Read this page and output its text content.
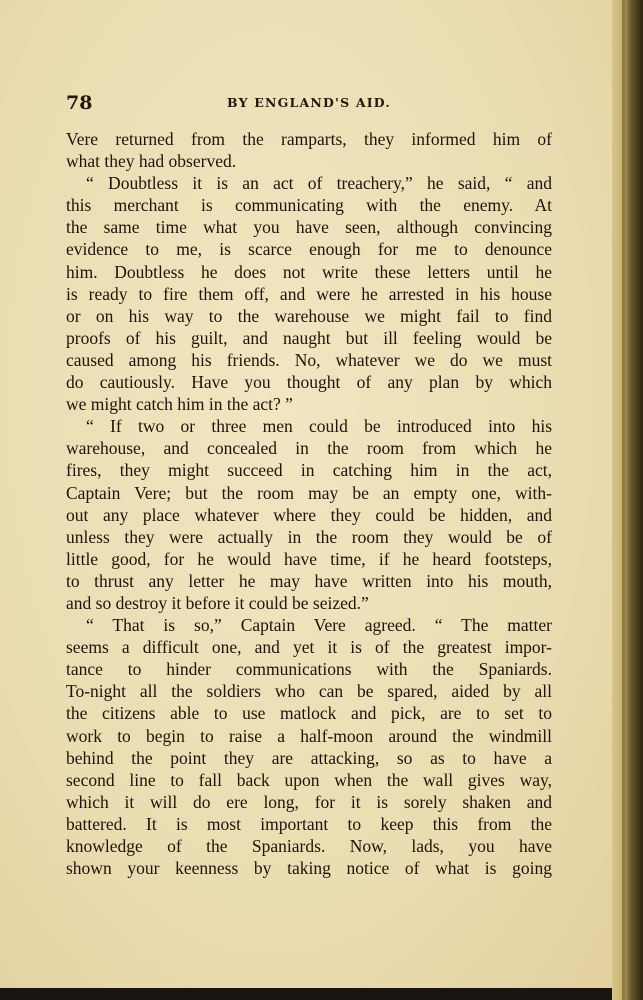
78	BY ENGLAND'S AID.
Vere returned from the ramparts, they informed him of
what they had observed.
“ Doubtless it is an act of treachery,” he said, “ and
this merchant is communicating with the enemy. At
the same time what you have seen, although convincing
evidence to me, is scarce enough for me to denounce
him. Doubtless he does not write these letters until he
is ready to fire them off, and were he arrested in his house
or on his way to the warehouse we might fail to find
proofs of his guilt, and naught but ill feeling would be
caused among his friends. No, whatever we do we must
do cautiously. Have you thought of any plan by which
we might catch him in the act? ”
“ If two or three men could be introduced into his
warehouse, and concealed in the room from which he
fires, they might succeed in catching him in the act,
Captain Vere; but the room may be an empty one, with-
out any place whatever where they could be hidden, and
unless they were actually in the room they would be of
little good, for he would have time, if he heard footsteps,
to thrust any letter he may have written into his mouth,
and so destroy it before it could be seized.”
“ That is so,” Captain Vere agreed. “ The matter
seems a difficult one, and yet it is of the greatest impor-
tance to hinder communications with the Spaniards.
To-night all the soldiers who can be spared, aided by all
the citizens able to use matlock and pick, are to set to
work to begin to raise a half-moon around the windmill
behind the point they are attacking, so as to have a
second line to fall back upon when the wall gives way,
which it will do ere long, for it is sorely shaken and
battered. It is most important to keep this from the
knowledge of the Spaniards. Now, lads, you have
shown your keenness by taking notice of what is going
